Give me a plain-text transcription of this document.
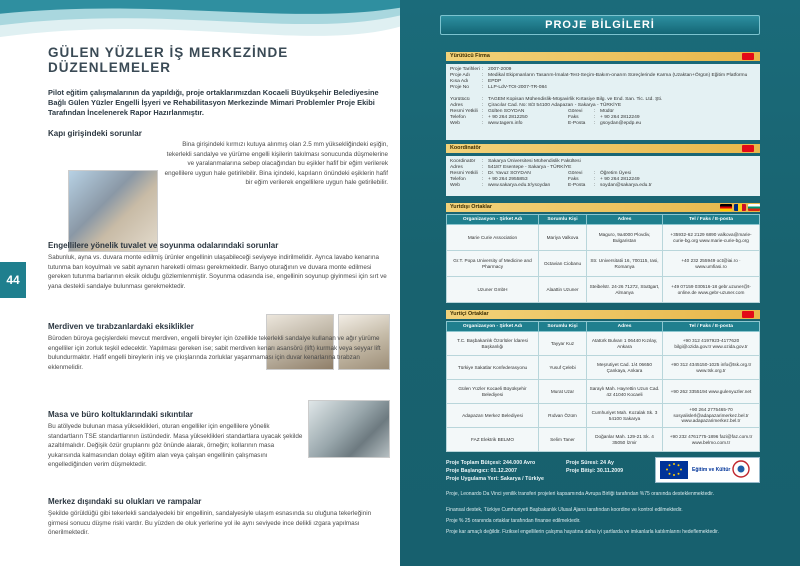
44
GÜLEN YÜZLER İŞ MERKEZİNDE DÜZENLEMELER
Pilot eğitim çalışmalarının da yapıldığı, proje ortaklarımızdan Kocaeli Büyükşehir Belediyesine Bağlı Gülen Yüzler Engelli İşyeri ve Rehabilitasyon Merkezinde Mimari Problemler Proje Ekibi Tarafından İncelenerek Rapor Hazırlanmıştır.
Kapı girişindeki sorunlar
Bina girişindeki kırmızı kutuya alınmış olan 2.5 mm yüksekliğindeki eşiğin, tekerlekli sandalye ve yürüme engelli kişilerin takılması sonucunda düşmelerine ve yaralanmalarına sebep olacağından bu eşikler hafif bir eğim verilerek engellilere uygun hale getirilebilir. Bina içindeki, kapıların önündeki eşiklerin hafif bir eğim verilerek engellilere uygun hale getirilebilir.
Engellilere yönelik tuvalet ve soyunma odalarındaki sorunlar
Sabunluk, ayna vs. duvara monte edilmiş ürünler engellinin ulaşabileceği seviyeye indirilmelidir. Ayrıca lavabo kenarına tutunma barı koyulmalı ve sabit aynanın hareketli olması gerekmektedir. Banyo oturağının ve duvara monte edilmesi gereken tutunma barlarının eksik olduğu gözlemlenmiştir. Soyunma odasında ise, engellinin soyunup giyinmesi için sırt ve yana destekli sandalye bulunması gerekmektedir.
Merdiven ve tırabzanlardaki eksiklikler
Büroden büroya geçişlerdeki mevcut merdiven, engelli bireyler için özellikle tekerlekli sandalye kullanan ve ağır yürüme engelliler için zorluk teşkil edecektir. Yapılması gereken ise; sabit merdiven kenarı asansörü (lift) kurmak veya seyyar lift bulundurmaktır. Hafif engelli bireylerin iniş ve çıkışlarında zorluklar yaşanmaması için duvar kenarlarına tırabzan eklenmelidir.
Masa ve büro koltuklarındaki sıkıntılar
Bu atölyede bulunan masa yükseklikleri, oturan engelliler için engellilere yönelik standartların TSE standartlarının üstündedir. Masa yükseklikleri standartlara uyacak şekilde azaltılmalıdır. Değişik özür gruplarını göz önünde alarak, örneğin; kollarının masa yukarısında kalmasından dolayı eğitim alan veya çalışan engellinin çalışmasını engellediğinden verim düşmektedir.
Merkez dışındaki su olukları ve rampalar
Şekilde görüldüğü gibi tekerlekli sandalyedeki bir engellinin, sandalyesiyle ulaşım esnasında su oluğuna tekerleğinin girmesi sonucu düşme riski vardır. Bu yüzden de oluk yerlerine yol ile aynı seviyede ince delikli ızgara yapılması önerilmektedir.
PROJE BİLGİLERİ
Yürütücü Firma
Proje Tarihleri : 2007-2009
Proje Adı	: Medikal Ekipmanların Tasarım-İmalat-Test-Seçim-Bakım-onarım Süreçlerinde Karma (Uzaktan+Örgün) Eğitim Platformu
Kısa Adı	: EPDP
Proje No	: LLP-LdV-TOI-2007-TR-084
Yürütücü	: TAGEM Kopisan Mühendislik-Müşavirlik Kırtasiye Bilg. ve End. San. Tic. Ltd. Şti.
Adres	: Çiracılar Cad. No: 8/3 54100 Adapazarı - Sakarya - TÜRKİYE
Resmi Yetkili : Gülten SOYDAN	Görevi	: Müdür
Telefon	: + 90 264 2812250	Faks	: + 90 264 2812249
Web	: www.tagem.info	E-Posta	: gsoydan@epdp.eu
Koordinatör
Koordinatör	: Sakarya Üniversitesi Mühendislik Fakültesi
Adres	: 54187 Esentepe - Sakarya - TÜRKİYE
Resmi Yetkili : Dr. Yavuz SOYDAN	Görevi	: Öğretim Üyesi
Telefon	: + 90 264 2955853	Faks	: + 90 264 2812249
Web	: www.sakarya.edu.tr/ysoydan	E-Posta	: soydan@sakarya.edu.tr
Yurtdışı Ortaklar
Organizasyon - Şirket Adı	Sorumlu Kişi	Adres	Tel / Faks / E-posta
Marie Curie Association	Mariya Valkova	Maguro, 9a4000 Plovdiv, Bulgaristan	+35932-62 2129 6890 valkova@marie-curie-bg.org www.marie-curie-bg.org
Gr.T. Popa University of Medicine and Pharmacy	Octavian Ciobanu	Str. Universitatii 16, 700115, Iasi, Romanya	+40 232 255949 oct@iai.ro · www.umfiasi.ro
Uzuner GmbH	Alaattin Uzuner	Steibelstr. 24-26 71272, Stuttgart, Almanya	+49 07159 030516-18 gebr.uzuner@t-online.de www.gebr-uzuner.com
Yurtiçi Ortaklar
Organizasyon - Şirket Adı	Sorumlu Kişi	Adres	Tel / Faks / E-posta
T.C. Başbakanlık Özürlüler İdaresi Başkanlığı	Tayyar Kuz	Atatürk Bulvarı 1 06440 Kızılay, Ankara	+90 312 4197923-4177620 bilgi@ozida.gov.tr www.ozida.gov.tr
Türkiye Sakatlar Konfederasyonu	Yusuf Çelebi	Meşrutiyet Cad. 1/4 06650 Çankaya, Ankara	+90 312 4345150-1025 info@tsk.org.tr www.tsk.org.tr
Gülen Yüzler Kocaeli Büyükşehir Belediyesi	Murat Uzar	Saraylı Mah. Hayrettin Uzun Cad. 42 41040 Kocaeli	+90 262 3355194 www.gulenyuzler.net
Adapazarı Merkez Belediyesi	Rıdvan Özüm	Cumhuriyet Mah. Kozalak Sk. 3 54100 Sakarya	+90 264 2775465-70 sosyalislerl@adapazarimerkez.bel.tr www.adapazarimerkez.bel.tr
FAZ Elektrik BELMO	Selim Taner	Doğanlar Mah. 129-21 Sk. 4 35050 İzmir	+90 232 4761775-1896 fazi@faz.com.tr www.belmo.com.tr
Proje Toplam Bütçesi: 244.000 Avro	Proje Süresi: 24 Ay
Proje Başlangıcı: 01.12.2007	Proje Bitişi: 30.11.2009
Proje Uygulama Yeri: Sakarya / Türkiye
Eğitim ve Kültür
Proje, Leonardo Da Vinci yenilik transferi projeleri kapsamında Avrupa Birliği tarafından %75 oranında desteklenmektedir.
Finansal destek, Türkiye Cumhuriyeti Başbakanlık Ulusal Ajans tarafından koordine ve kontrol edilmektedir.
Proje % 25 oranında ortaklar tarafından finanse edilmektedir.
Proje kar amaçlı değildir. Fiziksel engellilerin çalışma hayatına daha iyi şartlarda ve imkanlarla katılımlarını hedeflemektedir.
